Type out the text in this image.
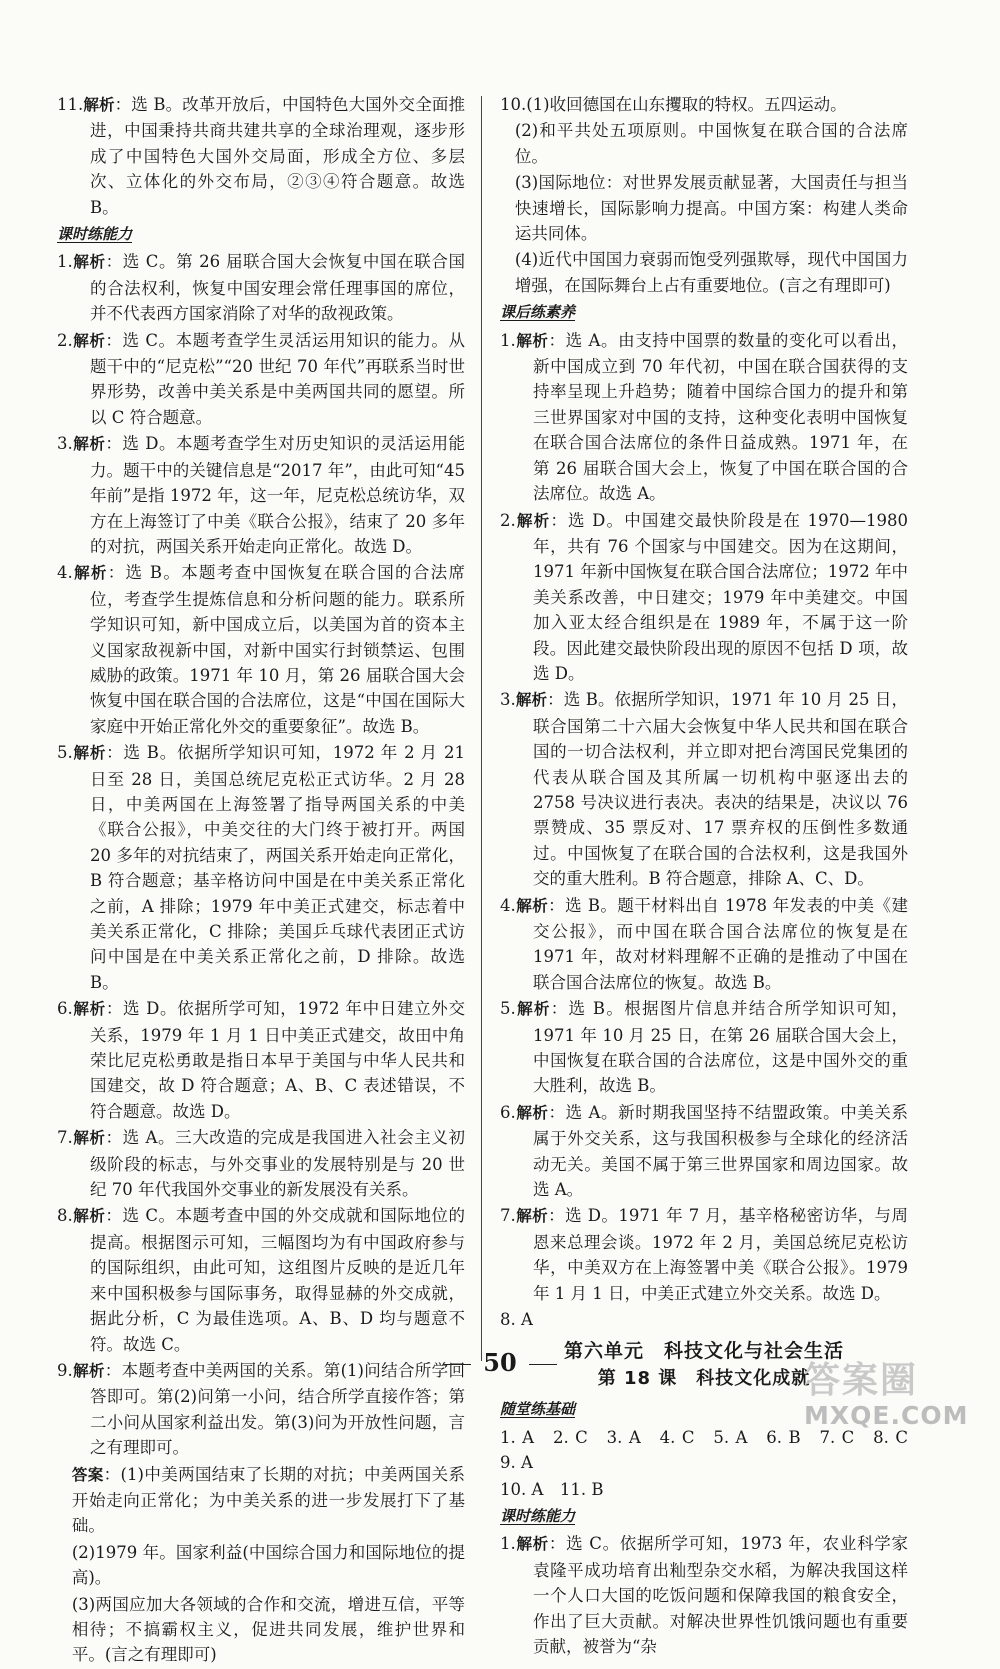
11.解析：选 B。改革开放后，中国特色大国外交全面推进，中国秉持共商共建共享的全球治理观，逐步形成了中国特色大国外交局面，形成全方位、多层次、立体化的外交布局，②③④符合题意。故选 B。
课时练能力
1.解析：选 C。第 26 届联合国大会恢复中国在联合国的合法权利，恢复中国安理会常任理事国的席位，并不代表西方国家消除了对华的敌视政策。
2.解析：选 C。本题考查学生灵活运用知识的能力。从题干中的“尼克松”“20 世纪 70 年代”再联系当时世界形势，改善中美关系是中美两国共同的愿望。所以 C 符合题意。
3.解析：选 D。本题考查学生对历史知识的灵活运用能力。题干中的关键信息是“2017 年”，由此可知“45 年前”是指 1972 年，这一年，尼克松总统访华，双方在上海签订了中美《联合公报》，结束了 20 多年的对抗，两国关系开始走向正常化。故选 D。
4.解析：选 B。本题考查中国恢复在联合国的合法席位，考查学生提炼信息和分析问题的能力。联系所学知识可知，新中国成立后，以美国为首的资本主义国家敌视新中国，对新中国实行封锁禁运、包围威胁的政策。1971 年 10 月，第 26 届联合国大会恢复中国在联合国的合法席位，这是“中国在国际大家庭中开始正常化外交的重要象征”。故选 B。
5.解析：选 B。依据所学知识可知，1972 年 2 月 21 日至 28 日，美国总统尼克松正式访华。2 月 28 日，中美两国在上海签署了指导两国关系的中美《联合公报》，中美交往的大门终于被打开。两国 20 多年的对抗结束了，两国关系开始走向正常化，B 符合题意；基辛格访问中国是在中美关系正常化之前，A 排除；1979 年中美正式建交，标志着中美关系正常化，C 排除；美国乒乓球代表团正式访问中国是在中美关系正常化之前，D 排除。故选 B。
6.解析：选 D。依据所学可知，1972 年中日建立外交关系，1979 年 1 月 1 日中美正式建交，故田中角荣比尼克松勇敢是指日本早于美国与中华人民共和国建交，故 D 符合题意；A、B、C 表述错误，不符合题意。故选 D。
7.解析：选 A。三大改造的完成是我国进入社会主义初级阶段的标志，与外交事业的发展特别是与 20 世纪 70 年代我国外交事业的新发展没有关系。
8.解析：选 C。本题考查中国的外交成就和国际地位的提高。根据图示可知，三幅图均为有中国政府参与的国际组织，由此可知，这组图片反映的是近几年来中国积极参与国际事务，取得显赫的外交成就，据此分析，C 为最佳选项。A、B、D 均与题意不符。故选 C。
9.解析：本题考查中美两国的关系。第(1)问结合所学回答即可。第(2)问第一小问，结合所学直接作答；第二小问从国家利益出发。第(3)问为开放性问题，言之有理即可。
答案：(1)中美两国结束了长期的对抗；中美两国关系开始走向正常化；为中美关系的进一步发展打下了基础。
(2)1979 年。国家利益(中国综合国力和国际地位的提高)。
(3)两国应加大各领域的合作和交流，增进互信，平等相待；不搞霸权主义，促进共同发展，维护世界和平。(言之有理即可)
10.(1)收回德国在山东攫取的特权。五四运动。
(2)和平共处五项原则。中国恢复在联合国的合法席位。
(3)国际地位：对世界发展贡献显著，大国责任与担当快速增长，国际影响力提高。中国方案：构建人类命运共同体。
(4)近代中国国力衰弱而饱受列强欺辱，现代中国国力增强，在国际舞台上占有重要地位。(言之有理即可)
课后练素养
1.解析：选 A。由支持中国票的数量的变化可以看出，新中国成立到 70 年代初，中国在联合国获得的支持率呈现上升趋势；随着中国综合国力的提升和第三世界国家对中国的支持，这种变化表明中国恢复在联合国合法席位的条件日益成熟。1971 年，在第 26 届联合国大会上，恢复了中国在联合国的合法席位。故选 A。
2.解析：选 D。中国建交最快阶段是在 1970—1980 年，共有 76 个国家与中国建交。因为在这期间，1971 年新中国恢复在联合国合法席位；1972 年中美关系改善，中日建交；1979 年中美建交。中国加入亚太经合组织是在 1989 年，不属于这一阶段。因此建交最快阶段出现的原因不包括 D 项，故选 D。
3.解析：选 B。依据所学知识，1971 年 10 月 25 日，联合国第二十六届大会恢复中华人民共和国在联合国的一切合法权利，并立即对把台湾国民党集团的代表从联合国及其所属一切机构中驱逐出去的 2758 号决议进行表决。表决的结果是，决议以 76 票赞成、35 票反对、17 票弃权的压倒性多数通过。中国恢复了在联合国的合法权利，这是我国外交的重大胜利。B 符合题意，排除 A、C、D。
4.解析：选 B。题干材料出自 1978 年发表的中美《建交公报》，而中国在联合国合法席位的恢复是在 1971 年，故对材料理解不正确的是推动了中国在联合国合法席位的恢复。故选 B。
5.解析：选 B。根据图片信息并结合所学知识可知，1971 年 10 月 25 日，在第 26 届联合国大会上，中国恢复在联合国的合法席位，这是中国外交的重大胜利，故选 B。
6.解析：选 A。新时期我国坚持不结盟政策。中美关系属于外交关系，这与我国积极参与全球化的经济活动无关。美国不属于第三世界国家和周边国家。故选 A。
7.解析：选 D。1971 年 7 月，基辛格秘密访华，与周恩来总理会谈。1972 年 2 月，美国总统尼克松访华，中美双方在上海签署中美《联合公报》。1979 年 1 月 1 日，中美正式建立外交关系。故选 D。
8. A
第六单元　科技文化与社会生活
第 18 课　科技文化成就
随堂练基础
1. A　2. C　3. A　4. C　5. A　6. B　7. C　8. C　9. A
10. A　11. B
课时练能力
1.解析：选 C。依据所学可知，1973 年，农业科学家袁隆平成功培育出籼型杂交水稻，为解决我国这样一个人口大国的吃饭问题和保障我国的粮食安全，作出了巨大贡献。对解决世界性饥饿问题也有重要贡献，被誉为“杂
50	答案圈
MXQE.COM
